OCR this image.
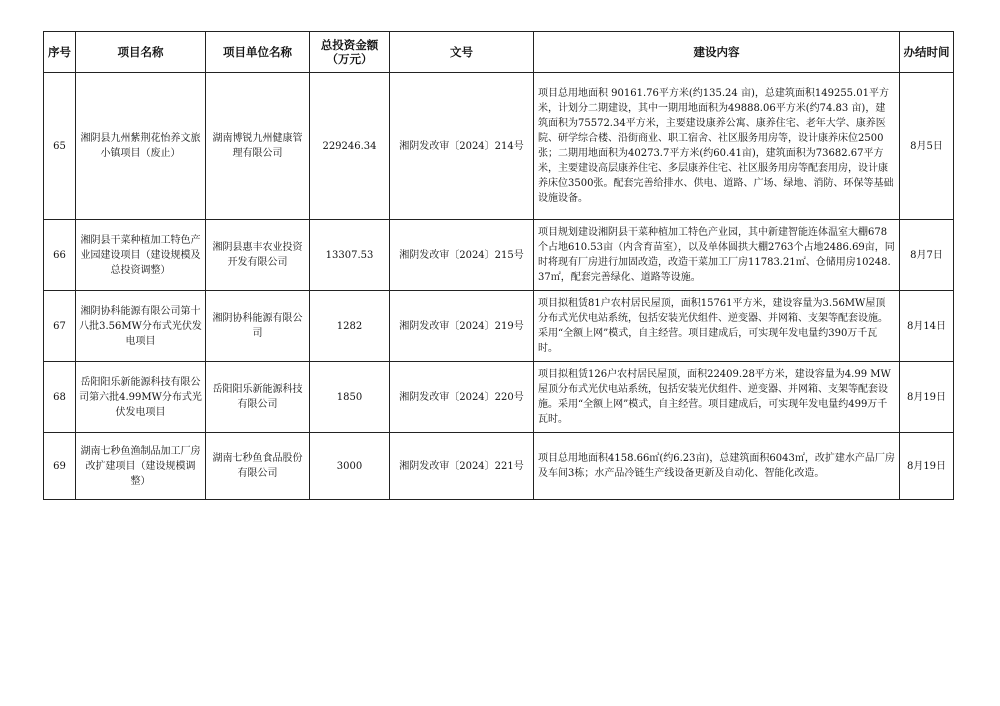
序号	项目名称	项目单位名称	总投资金额（万元）	文号	建设内容	办结时间
65	湘阴县九州紫荆花怡养文旅小镇项目（废止）	湖南博锐九州健康管理有限公司	229246.34	湘阴发改审〔2024〕214号	项目总用地面积 90161.76平方米(约135.24 亩)，总建筑面积149255.01平方米，计划分二期建设，其中一期用地面积为49888.06平方米(约74.83 亩)，建筑面积为75572.34平方米，主要建设康养公寓、康养住宅、老年大学、康养医院、研学综合楼、沿街商业、职工宿舍、社区服务用房等，设计康养床位2500 张；二期用地面积为40273.7平方米(约60.41亩)，建筑面积为73682.67平方米，主要建设高层康养住宅、多层康养住宅、社区服务用房等配套用房，设计康养床位3500张。配套完善给排水、供电、道路、广场、绿地、消防、环保等基础设施设备。	8月5日
66	湘阴县干菜种植加工特色产业园建设项目（建设规模及总投资调整）	湘阴县惠丰农业投资开发有限公司	13307.53	湘阴发改审〔2024〕215号	项目规划建设湘阴县干菜种植加工特色产业园，其中新建智能连体温室大棚678个占地610.53亩（内含育苗室），以及单体圆拱大棚2763个占地2486.69亩，同时将现有厂房进行加固改造，改造干菜加工厂房11783.21㎡、仓储用房10248.37㎡，配套完善绿化、道路等设施。	8月7日
67	湘阴协科能源有限公司第十八批3.56MW分布式光伏发电项目	湘阴协科能源有限公司	1282	湘阴发改审〔2024〕219号	项目拟租赁81户农村居民屋顶，面积15761平方米，建设容量为3.56MW屋顶分布式光伏电站系统，包括安装光伏组件、逆变器、并网箱、支架等配套设施。采用“全额上网”模式，自主经营。项目建成后，可实现年发电量约390万千瓦时。	8月14日
68	岳阳阳乐新能源科技有限公司第六批4.99MW分布式光伏发电项目	岳阳阳乐新能源科技有限公司	1850	湘阴发改审〔2024〕220号	项目拟租赁126户农村居民屋顶，面积22409.28平方米，建设容量为4.99 MW屋顶分布式光伏电站系统，包括安装光伏组件、逆变器、并网箱、支架等配套设施。采用“全额上网”模式，自主经营。项目建成后，可实现年发电量约499万千瓦时。	8月19日
69	湖南七秒鱼渔制品加工厂房改扩建项目（建设规模调整）	湖南七秒鱼食品股份有限公司	3000	湘阴发改审〔2024〕221号	项目总用地面积4158.66㎡(约6.23亩)，总建筑面积6043㎡，改扩建水产品厂房及车间3栋；水产品冷链生产线设备更新及自动化、智能化改造。	8月19日
